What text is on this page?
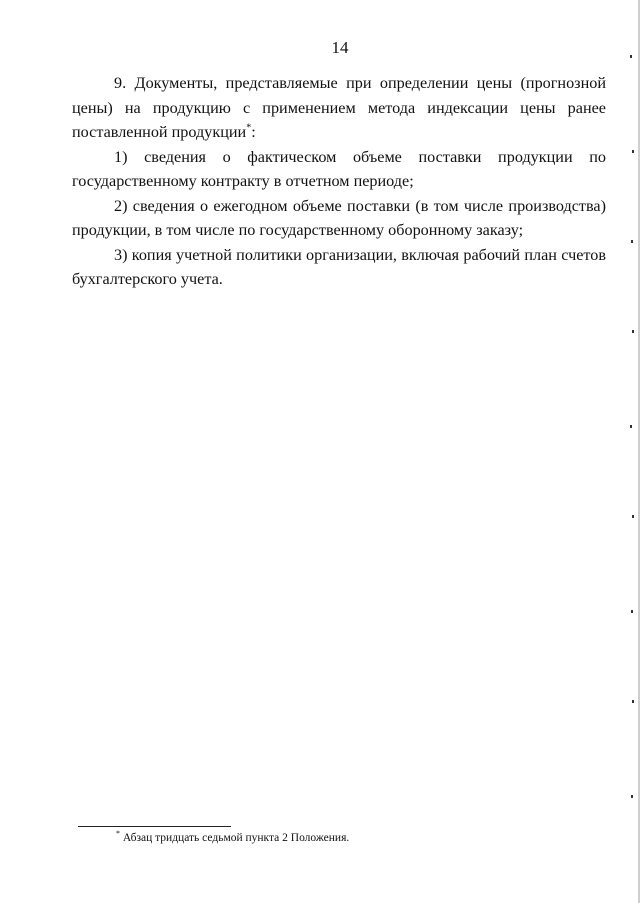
14

9. Документы, представляемые при определении цены (прогнозной цены) на продукцию с применением метода индексации цены ранее поставленной продукции*:

1) сведения о фактическом объеме поставки продукции по государственному контракту в отчетном периоде;

2) сведения о ежегодном объеме поставки (в том числе производства) продукции, в том числе по государственному оборонному заказу;

3) копия учетной политики организации, включая рабочий план счетов бухгалтерского учета.

* Абзац тридцать седьмой пункта 2 Положения.
